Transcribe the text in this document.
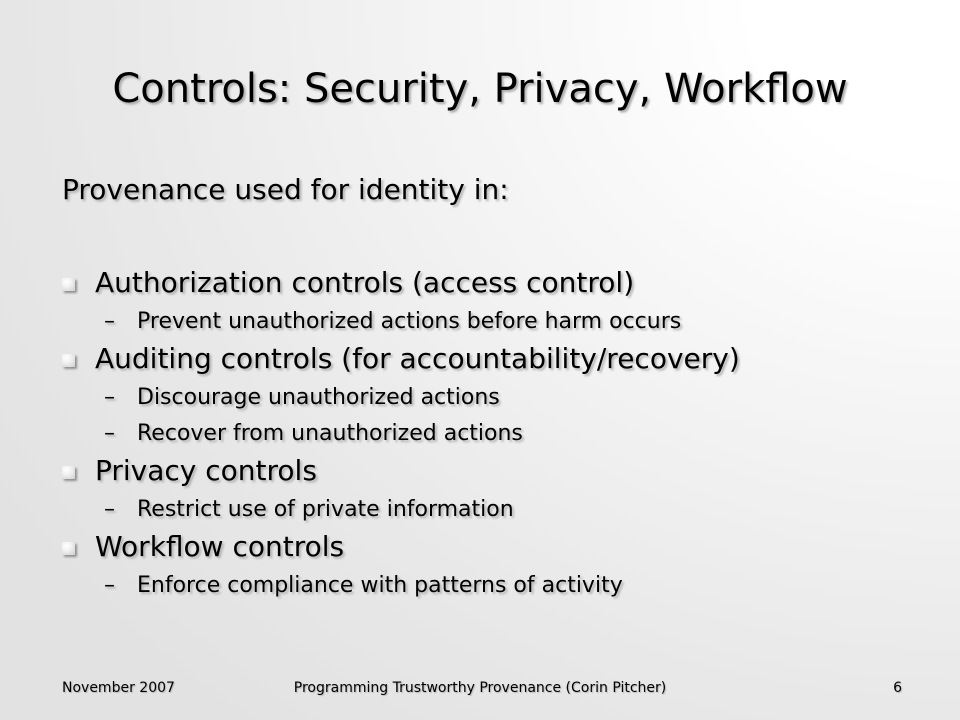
Controls: Security, Privacy, Workflow
Provenance used for identity in:
Authorization controls (access control)
– Prevent unauthorized actions before harm occurs
Auditing controls (for accountability/recovery)
– Discourage unauthorized actions
– Recover from unauthorized actions
Privacy controls
– Restrict use of private information
Workflow controls
– Enforce compliance with patterns of activity
November 2007	Programming Trustworthy Provenance (Corin Pitcher)	6
